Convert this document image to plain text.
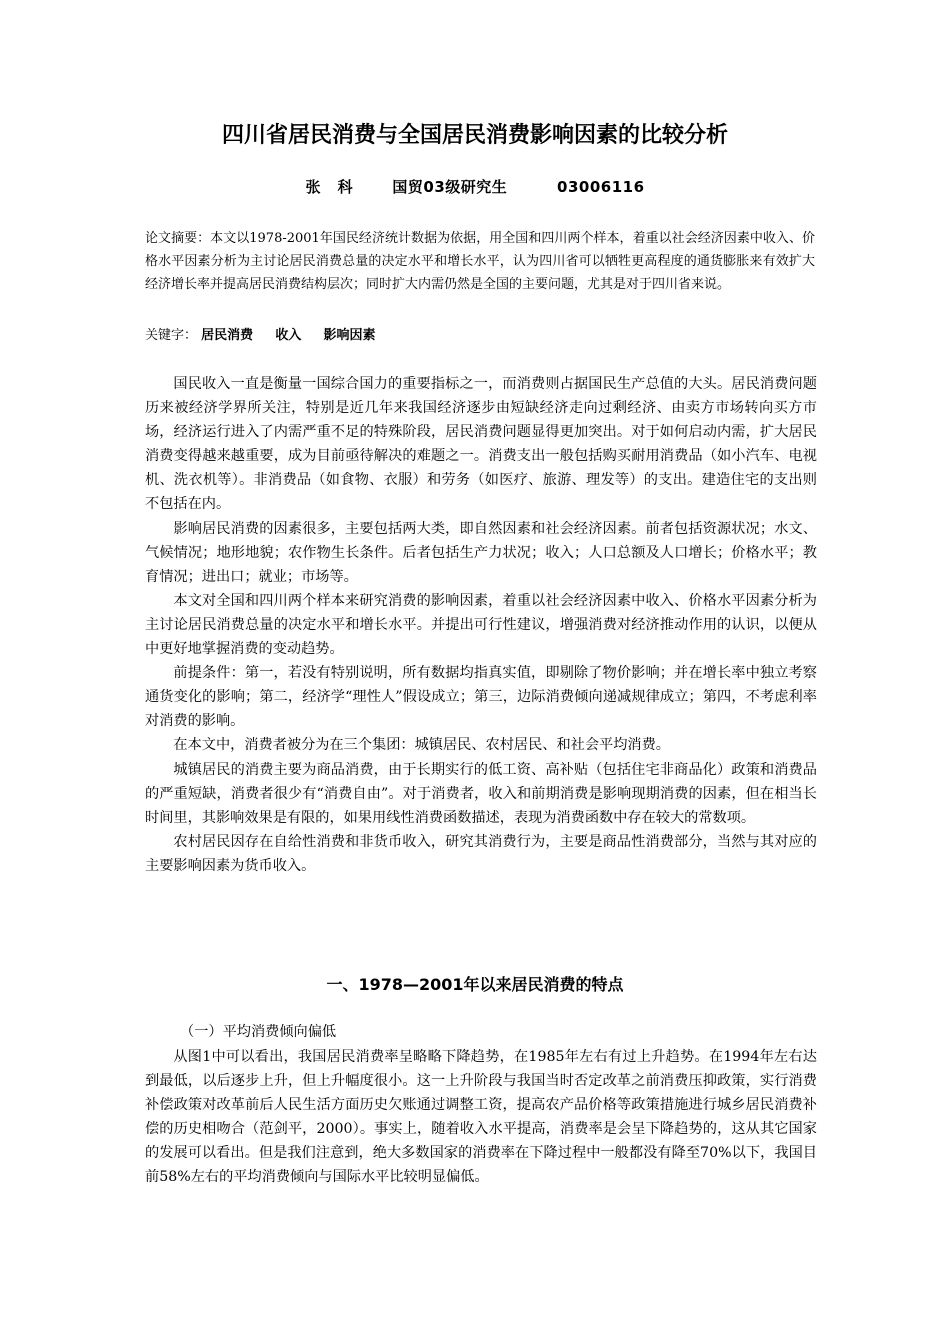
四川省居民消费与全国居民消费影响因素的比较分析
张 科 国贸03级研究生	03006116
论文摘要：本文以1978-2001年国民经济统计数据为依据，用全国和四川两个样本，着重以社会经济因素中收入、价格水平因素分析为主讨论居民消费总量的决定水平和增长水平，认为四川省可以牺牲更高程度的通货膨胀来有效扩大经济增长率并提高居民消费结构层次；同时扩大内需仍然是全国的主要问题，尤其是对于四川省来说。
关键字： 居民消费 收入 影响因素

国民收入一直是衡量一国综合国力的重要指标之一，而消费则占据国民生产总值的大头。居民消费问题历来被经济学界所关注，特别是近几年来我国经济逐步由短缺经济走向过剩经济、由卖方市场转向买方市场，经济运行进入了内需严重不足的特殊阶段，居民消费问题显得更加突出。对于如何启动内需，扩大居民消费变得越来越重要，成为目前亟待解决的难题之一。消费支出一般包括购买耐用消费品（如小汽车、电视机、洗衣机等）。非消费品（如食物、衣服）和劳务（如医疗、旅游、理发等）的支出。建造住宅的支出则不包括在内。

影响居民消费的因素很多，主要包括两大类，即自然因素和社会经济因素。前者包括资源状况；水文、气候情况；地形地貌；农作物生长条件。后者包括生产力状况；收入；人口总额及人口增长；价格水平；教育情况；进出口；就业；市场等。

本文对全国和四川两个样本来研究消费的影响因素，着重以社会经济因素中收入、价格水平因素分析为主讨论居民消费总量的决定水平和增长水平。并提出可行性建议，增强消费对经济推动作用的认识，以便从中更好地掌握消费的变动趋势。

前提条件：第一，若没有特别说明，所有数据均指真实值，即剔除了物价影响；并在增长率中独立考察通货变化的影响；第二，经济学“理性人”假设成立；第三，边际消费倾向递减规律成立；第四，不考虑利率对消费的影响。

在本文中，消费者被分为在三个集团：城镇居民、农村居民、和社会平均消费。

城镇居民的消费主要为商品消费，由于长期实行的低工资、高补贴（包括住宅非商品化）政策和消费品的严重短缺，消费者很少有“消费自由”。对于消费者，收入和前期消费是影响现期消费的因素，但在相当长时间里，其影响效果是有限的，如果用线性消费函数描述，表现为消费函数中存在较大的常数项。

农村居民因存在自给性消费和非货币收入，研究其消费行为，主要是商品性消费部分，当然与其对应的主要影响因素为货币收入。

一、1978—2001年以来居民消费的特点
（一）平均消费倾向偏低

从图1中可以看出，我国居民消费率呈略略下降趋势，在1985年左右有过上升趋势。在1994年左右达到最低，以后逐步上升，但上升幅度很小。这一上升阶段与我国当时否定改革之前消费压抑政策，实行消费补偿政策对改革前后人民生活方面历史欠账通过调整工资，提高农产品价格等政策措施进行城乡居民消费补偿的历史相吻合（范剑平，2000）。事实上，随着收入水平提高，消费率是会呈下降趋势的，这从其它国家的发展可以看出。但是我们注意到，绝大多数国家的消费率在下降过程中一般都没有降至70%以下，我国目前58%左右的平均消费倾向与国际水平比较明显偏低。
